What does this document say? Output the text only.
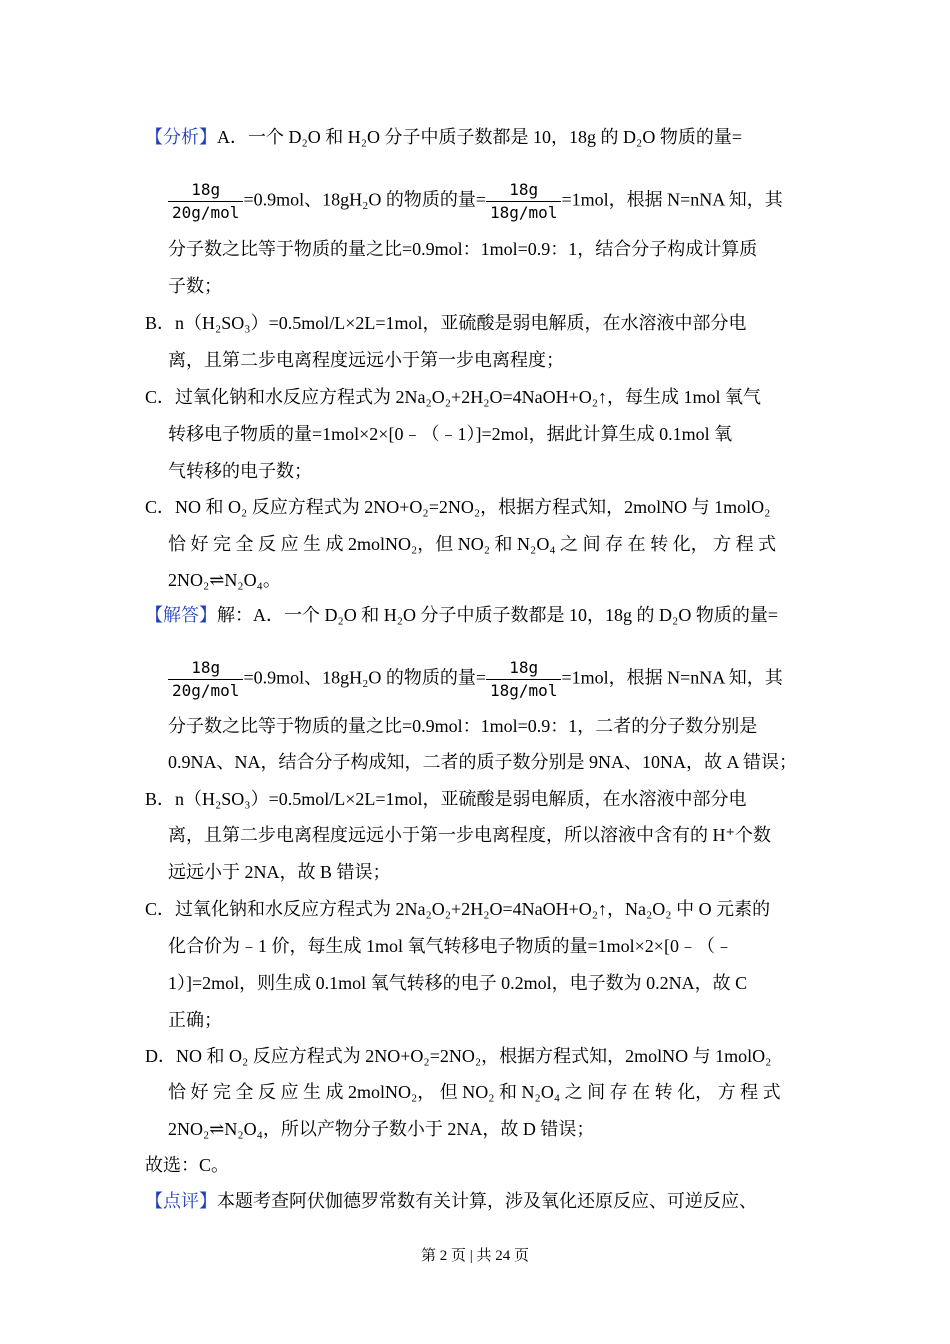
【分析】A．一个 D₂O 和 H₂O 分子中质子数都是 10，18g 的 D₂O 物质的量=
$\frac{18g}{\text{20g/mol}} =0.9mol$、18gH₂O 的物质的量= $\frac{18g}{\text{18g/mol}} =1mol$，根据 N=nNA 知，其
分子数之比等于物质的量之比=0.9mol：1mol=0.9：1，结合分子构成计算质
子数；
B．n（H₂SO₃）=0.5mol/L×2L=1mol，亚硫酸是弱电解质，在水溶液中部分电
离，且第二步电离程度远远小于第一步电离程度；
C．过氧化钠和水反应方程式为 2Na₂O₂+2H₂O=4NaOH+O₂↑，每生成 1mol 氧气
转移电子物质的量=1mol×2×[0﹣（﹣1）]=2mol，据此计算生成 0.1mol 氧
气转移的电子数；
C．NO 和 O₂ 反应方程式为 2NO+O₂=2NO₂，根据方程式知，2molNO 与 1molO₂
恰 好 完 全 反 应 生 成 2molNO₂，但 NO₂ 和 N₂O₄ 之 间 存 在 转 化， 方 程 式
2NO₂⇌N₂O₄。
【解答】解：A．一个 D₂O 和 H₂O 分子中质子数都是 10，18g 的 D₂O 物质的量=
$\frac{18g}{\text{20g/mol}} =0.9mol$、18gH₂O 的物质的量= $\frac{18g}{\text{18g/mol}} =1mol$，根据 N=nNA 知，其
分子数之比等于物质的量之比=0.9mol：1mol=0.9：1，二者的分子数分别是
0.9NA、NA，结合分子构成知，二者的质子数分别是 9NA、10NA，故 A 错误；
B．n（H₂SO₃）=0.5mol/L×2L=1mol，亚硫酸是弱电解质，在水溶液中部分电
离，且第二步电离程度远远小于第一步电离程度，所以溶液中含有的 H⁺个数
远远小于 2NA，故 B 错误；
C．过氧化钠和水反应方程式为 2Na₂O₂+2H₂O=4NaOH+O₂↑，Na₂O₂ 中 O 元素的
化合价为﹣1 价，每生成 1mol 氧气转移电子物质的量=1mol×2×[0﹣（﹣
1）]=2mol，则生成 0.1mol 氧气转移的电子 0.2mol，电子数为 0.2NA，故 C
正确；
D．NO 和 O₂ 反应方程式为 2NO+O₂=2NO₂，根据方程式知，2molNO 与 1molO₂
恰 好 完 全 反 应 生 成 2molNO₂， 但 NO₂ 和 N₂O₄ 之 间 存 在 转 化， 方 程 式
2NO₂⇌N₂O₄，所以产物分子数小于 2NA，故 D 错误；
故选：C。
【点评】本题考查阿伏伽德罗常数有关计算，涉及氧化还原反应、可逆反应、
第 2 页 | 共 24 页
